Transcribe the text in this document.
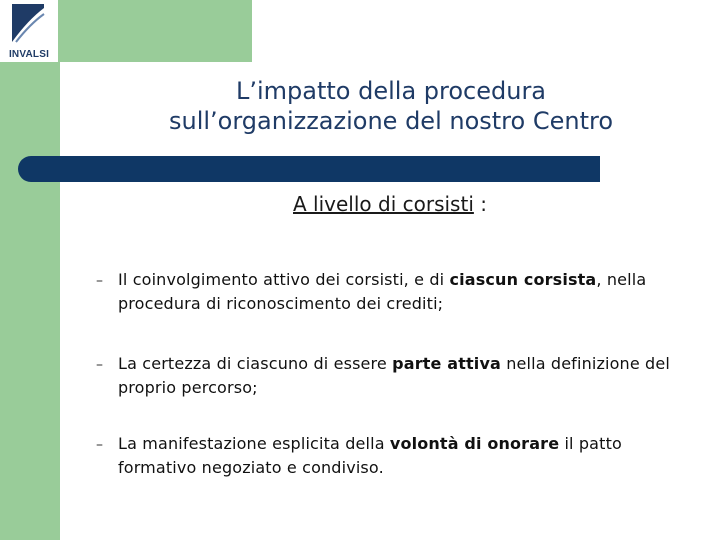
INVALSI
L’impatto della procedura
sull’organizzazione del nostro Centro
A livello di corsisti :
– Il coinvolgimento attivo dei corsisti, e di ciascun corsista, nella procedura di riconoscimento dei crediti;
– La certezza di ciascuno di essere parte attiva nella definizione del proprio percorso;
– La manifestazione esplicita della volontà di onorare il patto formativo negoziato e condiviso.
